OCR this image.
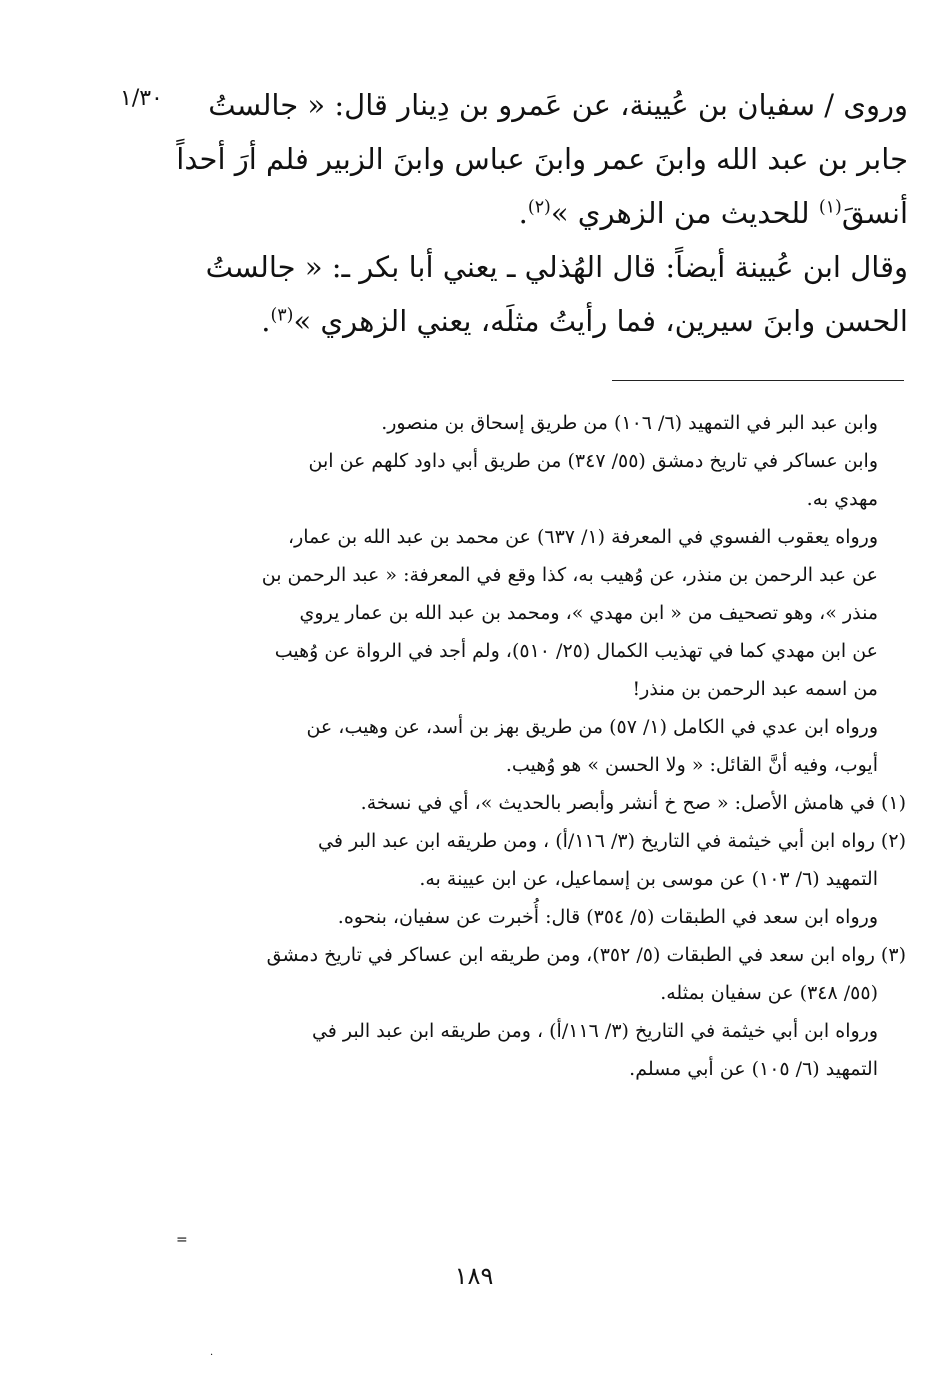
١/٣٠	وروى / سفيان بن عُيينة، عن عَمرو بن دِينار قال: « جالستُ
جابر بن عبد الله وابنَ عمر وابنَ عباس وابنَ الزبير فلم أرَ أحداً
أنسقَ$^{(١)}$ للحديث من الزهري »$^{(٢)}$.
وقال ابن عُيينة أيضاً: قال الهُذلي ـ يعني أبا بكر ـ: « جالستُ
الحسن وابنَ سيرين، فما رأيتُ مثلَه، يعني الزهري »$^{(٣)}$.

وابن عبد البر في التمهيد (٦/ ١٠٦) من طريق إسحاق بن منصور.

وابن عساكر في تاريخ دمشق (٥٥/ ٣٤٧) من طريق أبي داود كلهم عن ابن

مهدي به.

ورواه يعقوب الفسوي في المعرفة (١/ ٦٣٧) عن محمد بن عبد الله بن عمار،

عن عبد الرحمن بن منذر، عن وُهيب به، كذا وقع في المعرفة: « عبد الرحمن بن

منذر »، وهو تصحيف من « ابن مهدي »، ومحمد بن عبد الله بن عمار يروي

عن ابن مهدي كما في تهذيب الكمال (٢٥/ ٥١٠)، ولم أجد في الرواة عن وُهيب

من اسمه عبد الرحمن بن منذر!

ورواه ابن عدي في الكامل (١/ ٥٧) من طريق بهز بن أسد، عن وهيب، عن

أيوب، وفيه أنَّ القائل: « ولا الحسن » هو وُهيب.

(١) في هامش الأصل: « صح خ أنشر وأبصر بالحديث »، أي في نسخة.

(٢) رواه ابن أبي خيثمة في التاريخ (٣/ ١١٦/أ) ، ومن طريقه ابن عبد البر في

التمهيد (٦/ ١٠٣) عن موسى بن إسماعيل، عن ابن عيينة به.

ورواه ابن سعد في الطبقات (٥/ ٣٥٤) قال: أُخبرت عن سفيان، بنحوه.

(٣) رواه ابن سعد في الطبقات (٥/ ٣٥٢)، ومن طريقه ابن عساكر في تاريخ دمشق

(٥٥/ ٣٤٨) عن سفيان بمثله.

ورواه ابن أبي خيثمة في التاريخ (٣/ ١١٦/أ) ، ومن طريقه ابن عبد البر في

التمهيد (٦/ ١٠٥) عن أبي مسلم.

=
١٨٩
·
